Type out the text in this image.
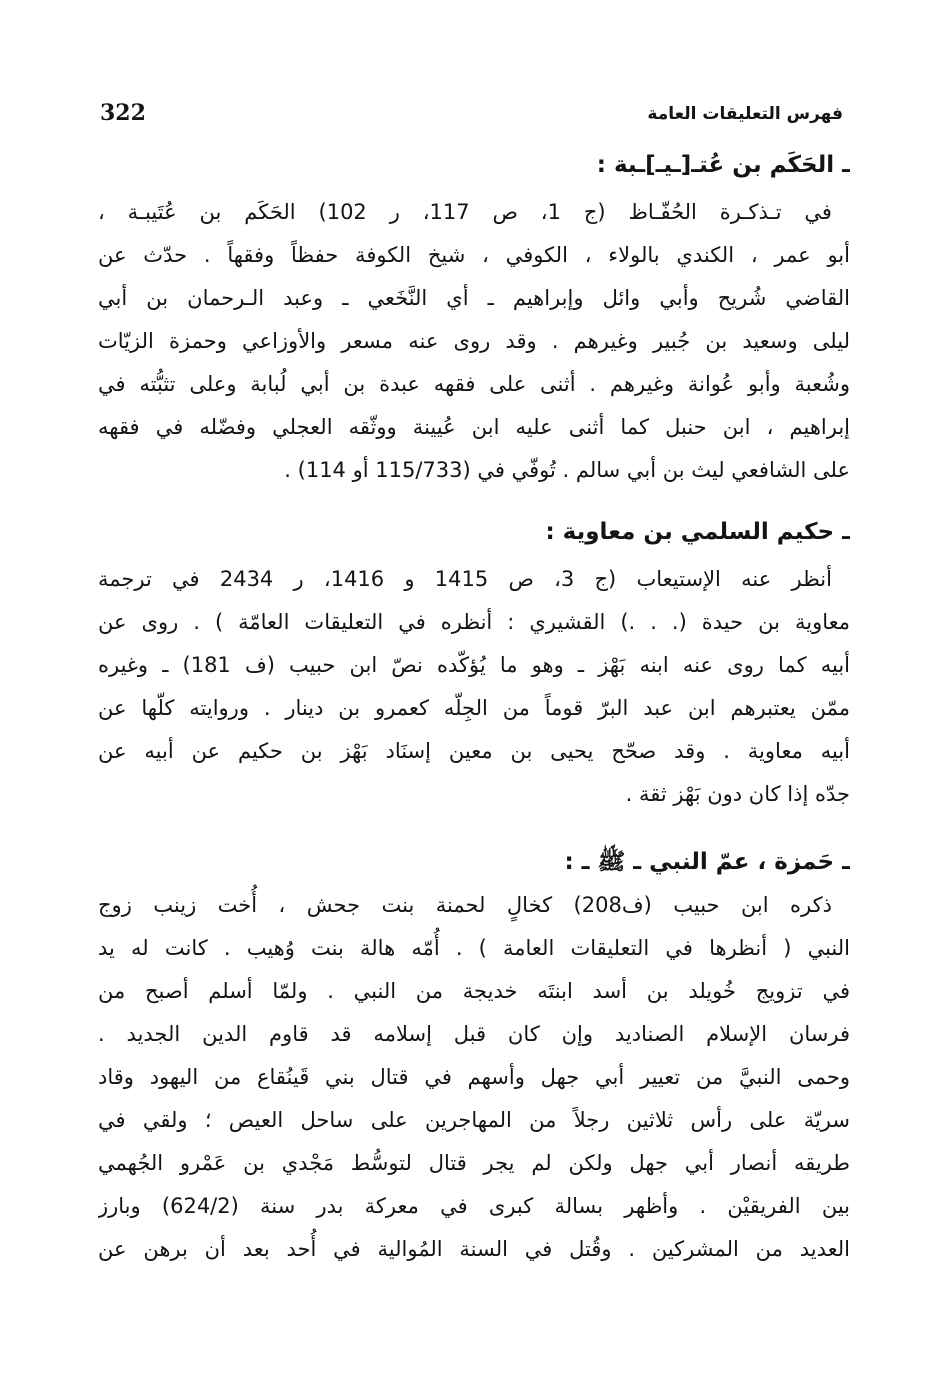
322	فهرس التعليقات العامة
ـ الحَكَم بن عُتـ[ـيـ]ـبة :
في تـذكـرة الحُفّـاظ (ج 1، ص 117، ر 102) الحَكَم بن عُتَيبـة ،
أبو عمر ، الكندي بالولاء ، الكوفي ، شيخ الكوفة حفظاً وفقهاً . حدّث عن
القاضي شُريح وأبي وائل وإبراهيم ـ أي النَّخَعي ـ وعبد الـرحمان بن أبي
ليلى وسعيد بن جُبير وغيرهم . وقد روى عنه مسعر والأوزاعي وحمزة الزيّات
وشُعبة وأبو عُوانة وغيرهم . أثنى على فقهه عبدة بن أبي لُبابة وعلى تثبُّته في
إبراهيم ، ابن حنبل كما أثنى عليه ابن عُيينة ووثّقه العجلي وفضّله في فقهه
على الشافعي ليث بن أبي سالم . تُوفّي في (115/733 أو 114) .
ـ حكيم السلمي بن معاوية :
أنظر عنه الإستيعاب (ج 3، ص 1415 و 1416، ر 2434 في ترجمة
معاوية بن حيدة (. . .) القشيري : أنظره في التعليقات العامّة ) . روى عن
أبيه كما روى عنه ابنه بَهْز ـ وهو ما يُؤكّده نصّ ابن حبيب (ف 181) ـ وغيره
ممّن يعتبرهم ابن عبد البرّ قوماً من الجِلّه كعمرو بن دينار . وروايته كلّها عن
أبيه معاوية . وقد صحّح يحيى بن معين إسنَاد بَهْز بن حكيم عن أبيه عن
جدّه إذا كان دون بَهْز ثقة .
ـ حَمزة ، عمّ النبي ـ ﷺ ـ :
ذكره ابن حبيب (ف208) كخالٍ لحمنة بنت جحش ، أُخت زينب زوج
النبي ( أنظرها في التعليقات العامة ) . أُمّه هالة بنت وُهيب . كانت له يد
في تزويج خُويلد بن أسد ابنتَه خديجة من النبي . ولمّا أسلم أصبح من
فرسان الإسلام الصناديد وإن كان قبل إسلامه قد قاوم الدين الجديد .
وحمى النبيَّ من تعيير أبي جهل وأسهم في قتال بني قَينُقاع من اليهود وقاد
سريّة على رأس ثلاثين رجلاً من المهاجرين على ساحل العيص ؛ ولقي في
طريقه أنصار أبي جهل ولكن لم يجر قتال لتوسُّط مَجْدي بن عَمْرو الجُهمي
بين الفريقيْن . وأظهر بسالة كبرى في معركة بدر سنة (624/2) وبارز
العديد من المشركين . وقُتل في السنة المُوالية في أُحد بعد أن برهن عن
